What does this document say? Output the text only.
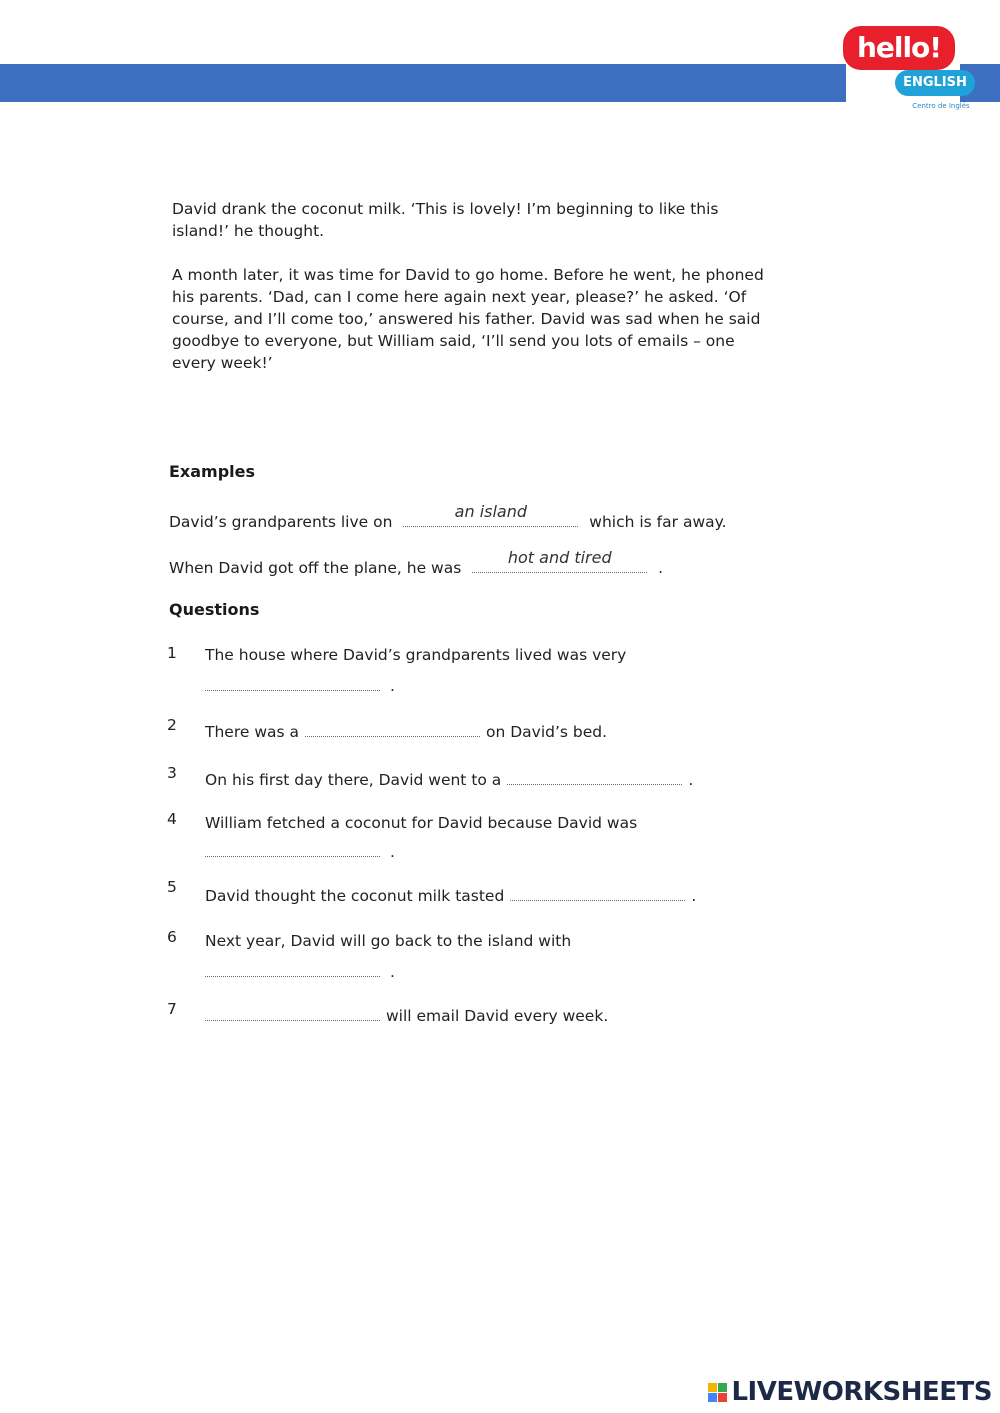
hello!
ENGLISH
Centro de Inglés
David drank the coconut milk. ‘This is lovely! I’m beginning to like this island!’ he thought.
A month later, it was time for David to go home. Before he went, he phoned his parents. ‘Dad, can I come here again next year, please?’ he asked. ‘Of course, and I’ll come too,’ answered his father. David was sad when he said goodbye to everyone, but William said, ‘I’ll send you lots of emails – one every week!’
Examples
David’s grandparents live on
an island
which is far away.
When David got off the plane, he was
hot and tired
.
Questions
1 The house where David’s grandparents lived was very
.
2 There was a	on David’s bed.
3 On his first day there, David went to a	.
4 William fetched a coconut for David because David was
.
5 David thought the coconut milk tasted	.
6 Next year, David will go back to the island with
.
7	will email David every week.
LIVEWORKSHEETS
